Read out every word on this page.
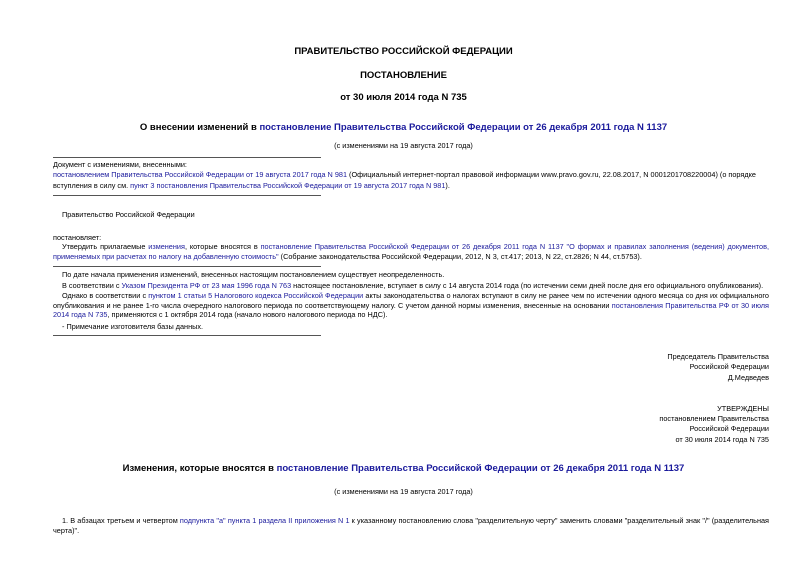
ПРАВИТЕЛЬСТВО РОССИЙСКОЙ ФЕДЕРАЦИИ
ПОСТАНОВЛЕНИЕ
от 30 июля 2014 года N 735
О внесении изменений в постановление Правительства Российской Федерации от 26 декабря 2011 года N 1137
(с изменениями на 19 августа 2017 года)
Документ с изменениями, внесенными:
постановлением Правительства Российской Федерации от 19 августа 2017 года N 981 (Официальный интернет-портал правовой информации www.pravo.gov.ru, 22.08.2017, N 0001201708220004) (о порядке
вступления в силу см. пункт 3 постановления Правительства Российской Федерации от 19 августа 2017 года N 981).
Правительство Российской Федерации
постановляет:
Утвердить прилагаемые изменения, которые вносятся в постановление Правительства Российской Федерации от 26 декабря 2011 года N 1137 "О формах и правилах заполнения (ведения) документов, применяемых при расчетах по налогу на добавленную стоимость" (Собрание законодательства Российской Федерации, 2012, N 3, ст.417; 2013, N 22, ст.2826; N 44, ст.5753).
По дате начала применения изменений, внесенных настоящим постановлением существует неопределенность.
В соответствии с Указом Президента РФ от 23 мая 1996 года N 763 настоящее постановление, вступает в силу с 14 августа 2014 года (по истечении семи дней после дня его официального опубликования).
Однако в соответствии с пунктом 1 статьи 5 Налогового кодекса Российской Федерации акты законодательства о налогах вступают в силу не ранее чем по истечении одного месяца со дня их официального опубликования и не ранее 1-го числа очередного налогового периода по соответствующему налогу. С учетом данной нормы изменения, внесенные на основании постановления Правительства РФ от 30 июля 2014 года N 735, применяются с 1 октября 2014 года (начало нового налогового периода по НДС).
- Примечание изготовителя базы данных.
Председатель Правительства
Российской Федерации
Д.Медведев
УТВЕРЖДЕНЫ
постановлением Правительства
Российской Федерации
от 30 июля 2014 года N 735
Изменения, которые вносятся в постановление Правительства Российской Федерации от 26 декабря 2011 года N 1137
(с изменениями на 19 августа 2017 года)
1. В абзацах третьем и четвертом подпункта "а" пункта 1 раздела II приложения N 1 к указанному постановлению слова "разделительную черту" заменить словами "разделительный знак "/" (разделительная черта)".
